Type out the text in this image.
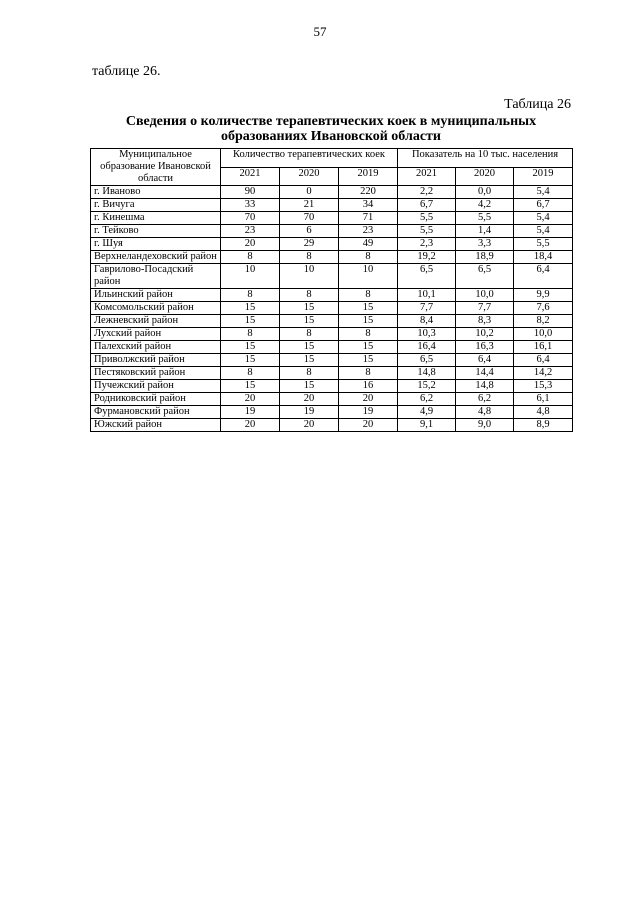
57
таблице 26.
Таблица 26
Сведения о количестве терапевтических коек в муниципальных образованиях Ивановской области
Муниципальное образование Ивановской области	Количество терапевтических коек			Показатель на 10 тыс. населения		
	2021	2020	2019	2021	2020	2019
г. Иваново	90	0	220	2,2	0,0	5,4
г. Вичуга	33	21	34	6,7	4,2	6,7
г. Кинешма	70	70	71	5,5	5,5	5,4
г. Тейково	23	6	23	5,5	1,4	5,4
г. Шуя	20	29	49	2,3	3,3	5,5
Верхнеландеховский район	8	8	8	19,2	18,9	18,4
Гаврилово-Посадский район	10	10	10	6,5	6,5	6,4
Ильинский район	8	8	8	10,1	10,0	9,9
Комсомольский район	15	15	15	7,7	7,7	7,6
Лежневский район	15	15	15	8,4	8,3	8,2
Лухский район	8	8	8	10,3	10,2	10,0
Палехский район	15	15	15	16,4	16,3	16,1
Приволжский район	15	15	15	6,5	6,4	6,4
Пестяковский район	8	8	8	14,8	14,4	14,2
Пучежский район	15	15	16	15,2	14,8	15,3
Родниковский район	20	20	20	6,2	6,2	6,1
Фурмановский район	19	19	19	4,9	4,8	4,8
Южский район	20	20	20	9,1	9,0	8,9
